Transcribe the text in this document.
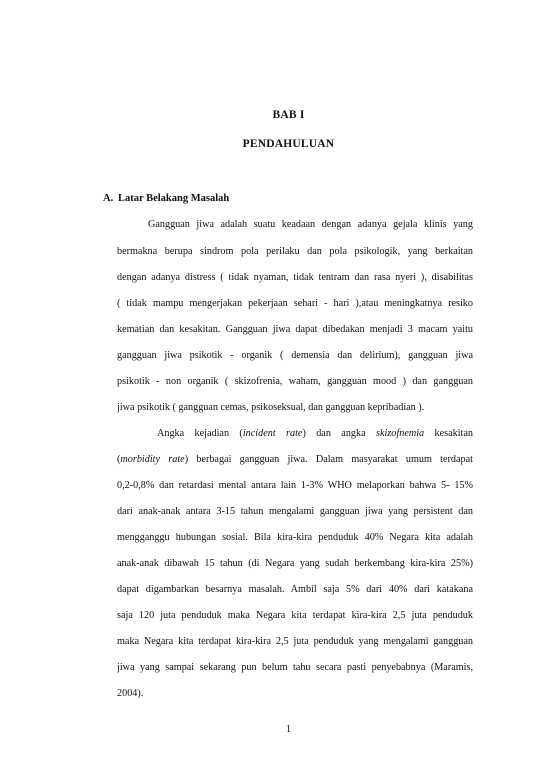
BAB I
PENDAHULUAN
A. Latar Belakang Masalah
Gangguan jiwa adalah suatu keadaan dengan adanya gejala klinis yang
bermakna berupa sindrom pola perilaku dan pola psikologik, yang berkaitan
dengan adanya distress ( tidak nyaman, tidak tentram dan rasa nyeri ), disabilitas
( tidak mampu mengerjakan pekerjaan sehari - hari ),atau meningkatnya resiko
kematian dan kesakitan. Gangguan jiwa dapat dibedakan menjadi 3 macam yaitu
gangguan jiwa psikotik - organik ( demensia dan delirium), gangguan jiwa
psikotik - non organik ( skizofrenia, waham, gangguan mood ) dan gangguan
jiwa psikotik ( gangguan cemas, psikoseksual, dan gangguan kepribadian ).
Angka kejadian (incident rate) dan angka skizofnemia kesakitan
(morbidity rate) berbagai gangguan jiwa. Dalam masyarakat umum terdapat
0,2-0,8% dan retardasi mental antara lain 1-3% WHO melaporkan bahwa 5- 15%
dari anak-anak antara 3-15 tahun mengalami gangguan jiwa yang persistent dan
mengganggu hubungan sosial. Bila kira-kira penduduk 40% Negara kita adalah
anak-anak dibawah 15 tahun (di Negara yang sudah berkembang kira-kira 25%)
dapat digambarkan besarnya masalah. Ambil saja 5% dari 40% dari katakana
saja 120 juta penduduk maka Negara kita terdapat kira-kira 2,5 juta penduduk
maka Negara kita terdapat kira-kira 2,5 juta penduduk yang mengalami gangguan
jiwa yang sampai sekarang pun belum tahu secara pasti penyebabnya (Maramis,
2004).
1
